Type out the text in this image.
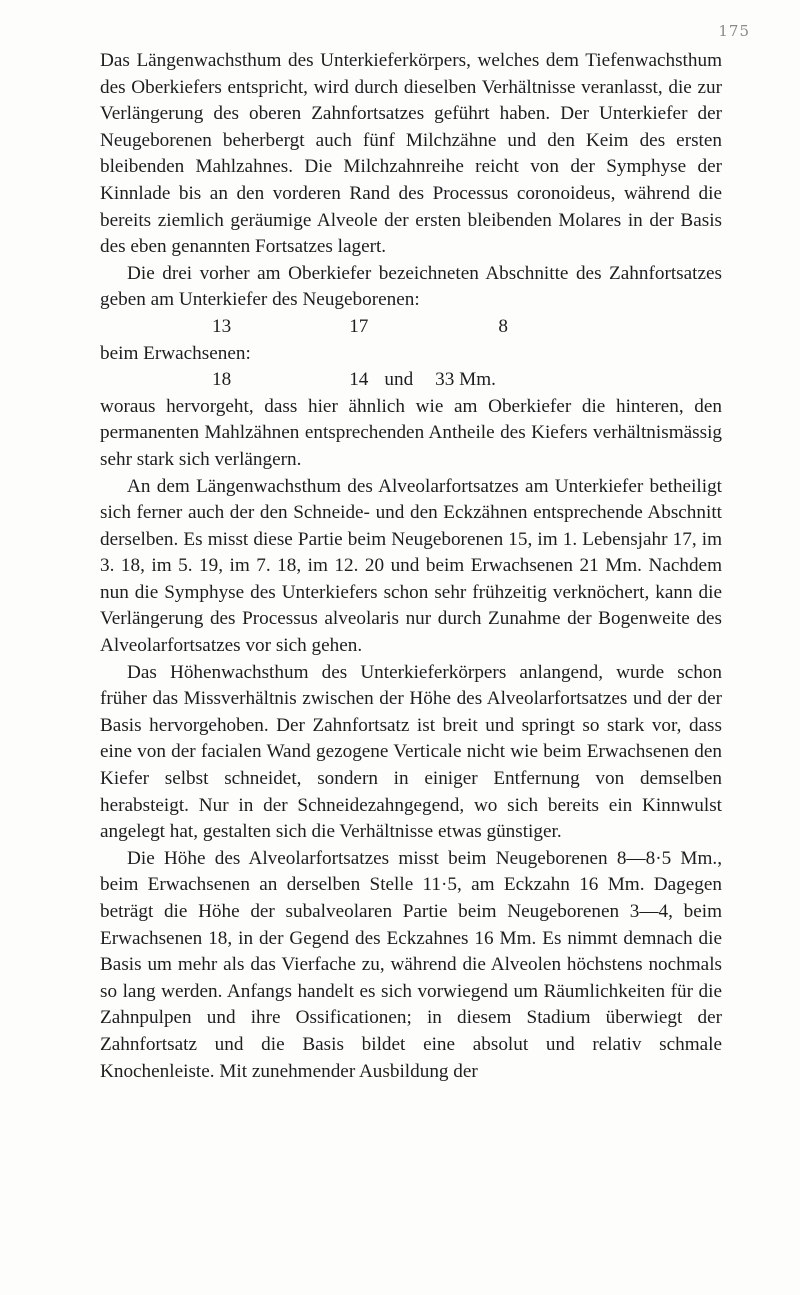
175

Das Längenwachsthum des Unterkieferkörpers, welches dem Tiefenwachsthum des Oberkiefers entspricht, wird durch dieselben Verhältnisse veranlasst, die zur Verlängerung des oberen Zahnfortsatzes geführt haben. Der Unterkiefer der Neugeborenen beherbergt auch fünf Milchzähne und den Keim des ersten bleibenden Mahlzahnes. Die Milchzahnreihe reicht von der Symphyse der Kinnlade bis an den vorderen Rand des Processus coronoideus, während die bereits ziemlich geräumige Alveole der ersten bleibenden Molares in der Basis des eben genannten Fortsatzes lagert.

Die drei vorher am Oberkiefer bezeichneten Abschnitte des Zahnfortsatzes geben am Unterkiefer des Neugeborenen:

13	17	8

beim Erwachsenen:

18	14 und 33 Mm.

woraus hervorgeht, dass hier ähnlich wie am Oberkiefer die hinteren, den permanenten Mahlzähnen entsprechenden Antheile des Kiefers verhältnismässig sehr stark sich verlängern.

An dem Längenwachsthum des Alveolarfortsatzes am Unterkiefer betheiligt sich ferner auch der den Schneide- und den Eckzähnen entsprechende Abschnitt derselben. Es misst diese Partie beim Neugeborenen 15, im 1. Lebensjahr 17, im 3. 18, im 5. 19, im 7. 18, im 12. 20 und beim Erwachsenen 21 Mm. Nachdem nun die Symphyse des Unterkiefers schon sehr frühzeitig verknöchert, kann die Verlängerung des Processus alveolaris nur durch Zunahme der Bogenweite des Alveolarfortsatzes vor sich gehen.

Das Höhenwachsthum des Unterkieferkörpers anlangend, wurde schon früher das Missverhältnis zwischen der Höhe des Alveolarfortsatzes und der der Basis hervorgehoben. Der Zahnfortsatz ist breit und springt so stark vor, dass eine von der facialen Wand gezogene Verticale nicht wie beim Erwachsenen den Kiefer selbst schneidet, sondern in einiger Entfernung von demselben herabsteigt. Nur in der Schneidezahngegend, wo sich bereits ein Kinnwulst angelegt hat, gestalten sich die Verhältnisse etwas günstiger.

Die Höhe des Alveolarfortsatzes misst beim Neugeborenen 8—8·5 Mm., beim Erwachsenen an derselben Stelle 11·5, am Eckzahn 16 Mm. Dagegen beträgt die Höhe der subalveolaren Partie beim Neugeborenen 3—4, beim Erwachsenen 18, in der Gegend des Eckzahnes 16 Mm. Es nimmt demnach die Basis um mehr als das Vierfache zu, während die Alveolen höchstens nochmals so lang werden. Anfangs handelt es sich vorwiegend um Räumlichkeiten für die Zahnpulpen und ihre Ossificationen; in diesem Stadium überwiegt der Zahnfortsatz und die Basis bildet eine absolut und relativ schmale Knochenleiste. Mit zunehmender Ausbildung der
